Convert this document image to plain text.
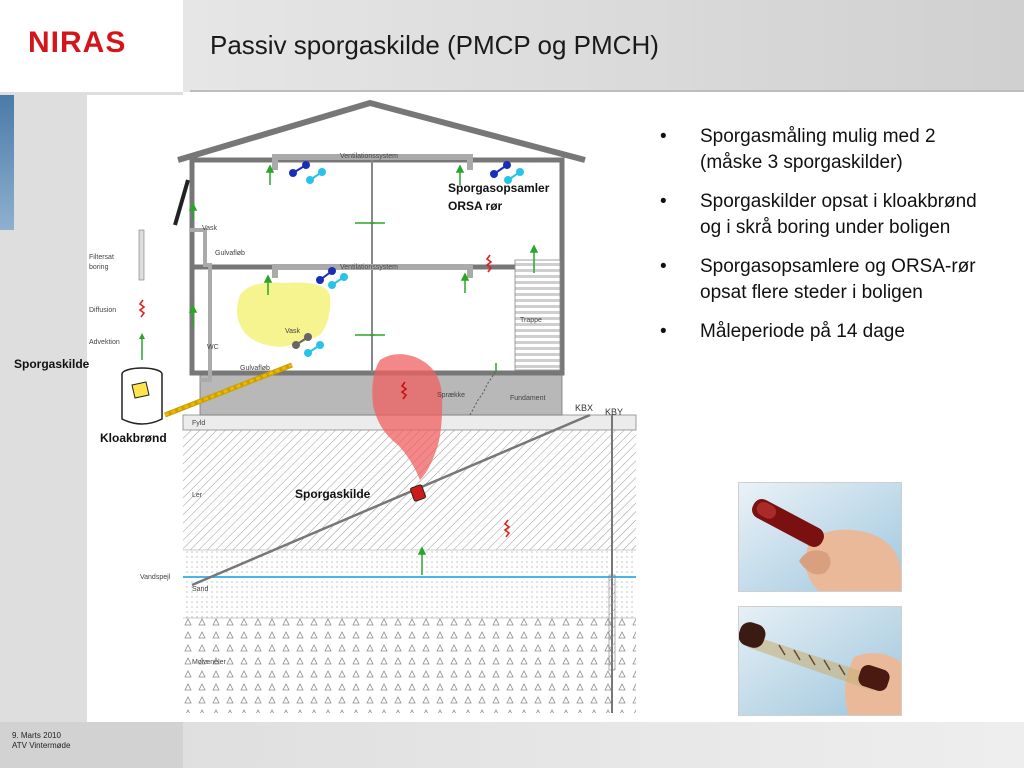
NIRAS	Passiv sporgaskilde (PMCP og PMCH)
Sporgasopsamler
ORSA rør
Sporgaskilde
Kloakbrønd
Sporgaskilde
Ventilationssystem
Ventilationssystem
Vask
Gulvafløb
Vask
WC
Gulvafløb
Trappe
Sprække	Fundament
Fyld
Ler
Vandspejl
Sand
Moræneler
Filtersat
boring
Diffusion
Advektion
KBX KBY
• Sporgasmåling mulig med 2 (måske 3 sporgaskilder)
• Sporgaskilder opsat i kloakbrønd og i skrå boring under boligen
• Sporgasopsamlere og ORSA-rør opsat flere steder i boligen
• Måleperiode på 14 dage
9. Marts 2010
ATV Vintermøde
